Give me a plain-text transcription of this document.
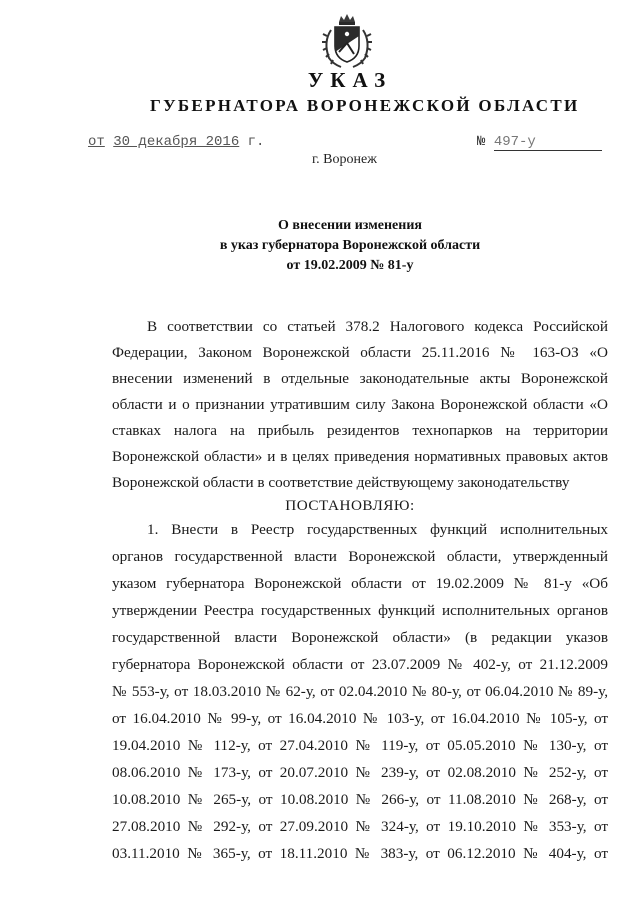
УКАЗ
ГУБЕРНАТОРА ВОРОНЕЖСКОЙ ОБЛАСТИ
от 30 декабря 2016 г.	№ 497-у
г. Воронеж
О внесении изменения
в указ губернатора Воронежской области
от 19.02.2009 № 81-у
В соответствии со статьей 378.2 Налогового кодекса Российской
Федерации, Законом Воронежской области 25.11.2016 № 163-ОЗ «О
внесении изменений в отдельные законодательные акты Воронежской
области и о признании утратившим силу Закона Воронежской области «О
ставках налога на прибыль резидентов технопарков на территории
Воронежской области» и в целях приведения нормативных правовых актов
Воронежской области в соответствие действующему законодательству
ПОСТАНОВЛЯЮ:
1. Внести в Реестр государственных функций исполнительных
органов государственной власти Воронежской области, утвержденный
указом губернатора Воронежской области от 19.02.2009 № 81-у «Об
утверждении Реестра государственных функций исполнительных органов
государственной власти Воронежской области» (в редакции указов
губернатора Воронежской области от 23.07.2009 № 402-у, от 21.12.2009
№ 553-у, от 18.03.2010 № 62-у, от 02.04.2010 № 80-у, от 06.04.2010 № 89-у,
от 16.04.2010 № 99-у, от 16.04.2010 № 103-у, от 16.04.2010 № 105-у, от
19.04.2010 № 112-у, от 27.04.2010 № 119-у, от 05.05.2010 № 130-у, от
08.06.2010 № 173-у, от 20.07.2010 № 239-у, от 02.08.2010 № 252-у, от
10.08.2010 № 265-у, от 10.08.2010 № 266-у, от 11.08.2010 № 268-у, от
27.08.2010 № 292-у, от 27.09.2010 № 324-у, от 19.10.2010 № 353-у, от
03.11.2010 № 365-у, от 18.11.2010 № 383-у, от 06.12.2010 № 404-у, от
